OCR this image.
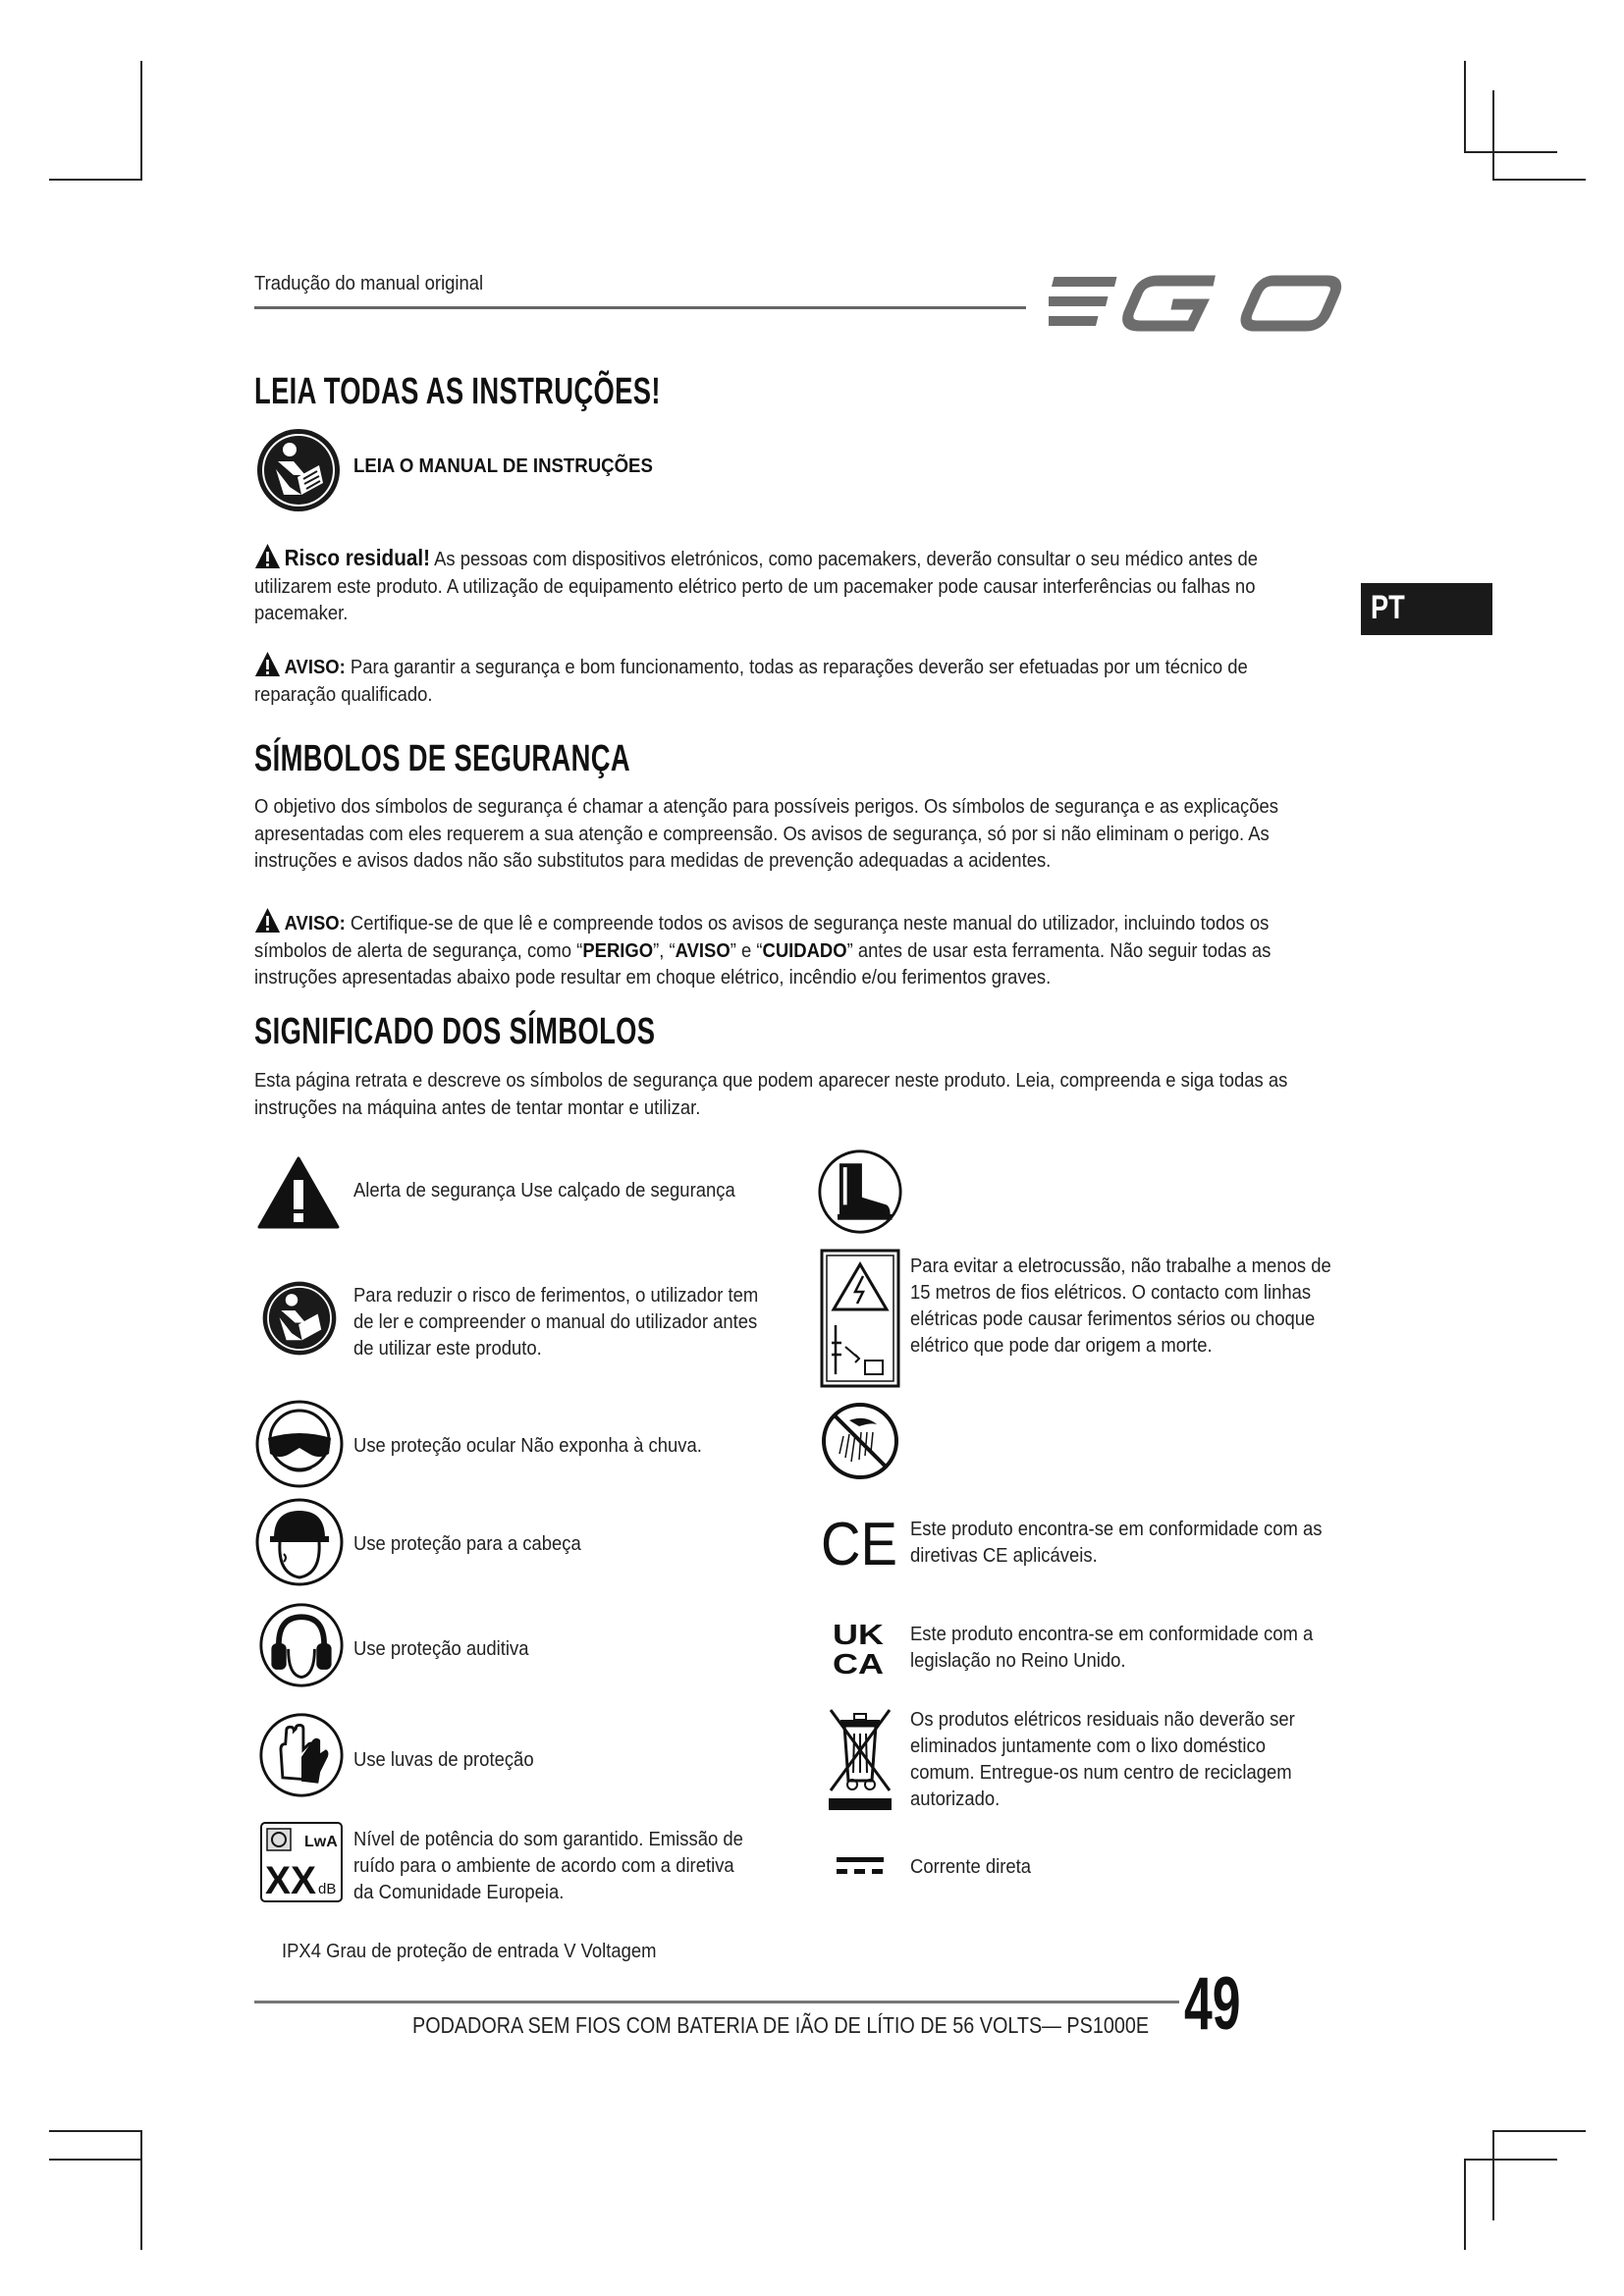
Tradução do manual original
PT
LEIA TODAS AS INSTRUÇÕES!
LEIA O MANUAL DE INSTRUÇÕES
Risco residual! As pessoas com dispositivos eletrónicos, como pacemakers, deverão consultar o seu médico antes de utilizarem este produto. A utilização de equipamento elétrico perto de um pacemaker pode causar interferências ou falhas no pacemaker.
AVISO: Para garantir a segurança e bom funcionamento, todas as reparações deverão ser efetuadas por um técnico de reparação qualificado.
SÍMBOLOS DE SEGURANÇA
O objetivo dos símbolos de segurança é chamar a atenção para possíveis perigos. Os símbolos de segurança e as explicações apresentadas com eles requerem a sua atenção e compreensão. Os avisos de segurança, só por si não eliminam o perigo. As instruções e avisos dados não são substitutos para medidas de prevenção adequadas a acidentes.
AVISO: Certifique-se de que lê e compreende todos os avisos de segurança neste manual do utilizador, incluindo todos os símbolos de alerta de segurança, como “PERIGO”, “AVISO” e “CUIDADO” antes de usar esta ferramenta. Não seguir todas as instruções apresentadas abaixo pode resultar em choque elétrico, incêndio e/ou ferimentos graves.
SIGNIFICADO DOS SÍMBOLOS
Esta página retrata e descreve os símbolos de segurança que podem aparecer neste produto. Leia, compreenda e siga todas as instruções na máquina antes de tentar montar e utilizar.
Alerta de segurança Use calçado de segurança
Para reduzir o risco de ferimentos, o utilizador tem de ler e compreender o manual do utilizador antes de utilizar este produto.
Use proteção ocular Não exponha à chuva.
Use proteção para a cabeça
Use proteção auditiva
Use luvas de proteção
LwA
XX dB
Nível de potência do som garantido. Emissão de ruído para o ambiente de acordo com a diretiva da Comunidade Europeia.
Para evitar a eletrocussão, não trabalhe a menos de 15 metros de fios elétricos. O contacto com linhas elétricas pode causar ferimentos sérios ou choque elétrico que pode dar origem a morte.
CE Este produto encontra-se em conformidade com as diretivas CE aplicáveis.
UK
CA
Este produto encontra-se em conformidade com a legislação no Reino Unido.
Os produtos elétricos residuais não deverão ser eliminados juntamente com o lixo doméstico comum. Entregue-os num centro de reciclagem autorizado.
Corrente direta
IPX4 Grau de proteção de entrada V Voltagem
PODADORA SEM FIOS COM BATERIA DE IÃO DE LÍTIO DE 56 VOLTS— PS1000E 49
